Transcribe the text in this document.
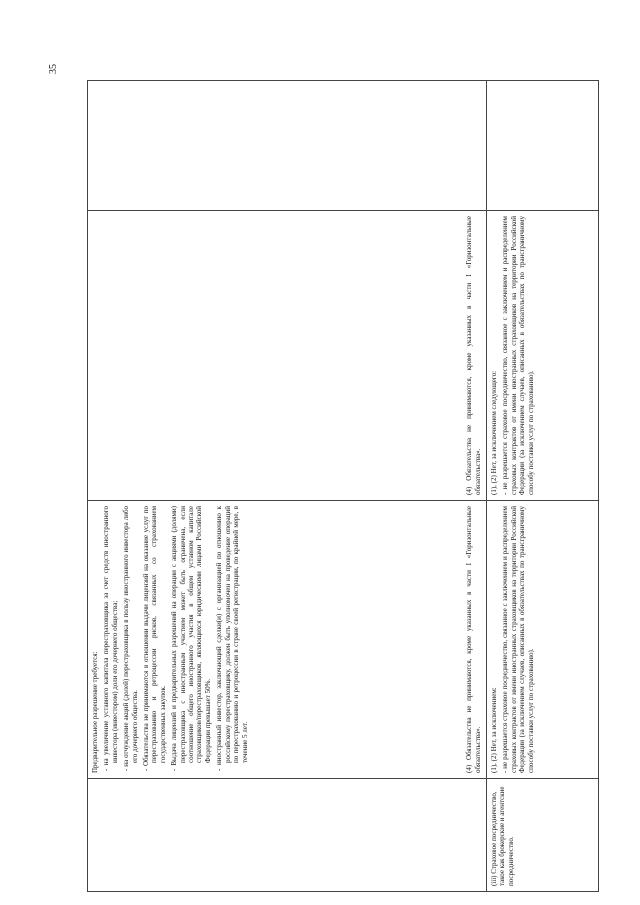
35
Предварительное разрешение требуется: - на увеличение уставного капитала перестраховщика за счет средств иностранного инвестора (инвестором) доли его дочернего общества;
- на отчуждение акций (долей) перестраховщика в пользу иностранного инвестора либо его дочернего общества.
- Обязательства не принимаются в отношении выдачи лицензий на оказание услуг по перестрахованию и ретроцессии рисков, связанных со страхованием государственных закупок.
- Выдача лицензий и предварительных разрешений на операции с акциями (долями) перестраховщика с иностранным участием может быть ограничена, если соотношение общего иностранного участия в общем уставном капитале страховщиков/перестраховщиков, являющихся юридическими лицами Российской Федерации превышает 50%.
- иностранный инвестор, заключающий сделки(и) с организацией по отношению к российскому перестраховщику, должен быть уполномочен на проведение операций по перестрахованию и ретроцессии в стране своей регистрации, по крайней мере, в течение 5 лет.	(4) Обязательства не принимаются, кроме указанных в части I «Горизонтальные обязательства».
(4) Обязательства не принимаются, кроме указанных в части I «Горизонтальные обязательства».
(iii) Страховое посредничество, такое как брокерские и агентские посредничество.
(1), (2) Нет, за исключением: - не разрешается страховое посредничество, связанное с заключением и распределением страховых контрактов от имени иностранных страховщиков на территории Российской Федерации (за исключением случаев, описанных в обязательствах по трансграничному способу поставки услуг по страхованию).
(1), (2) Нет, за исключением следующего: - не разрешается страховое посредничество, связанное с заключением и распределением страховых контрактов от имени иностранных страховщиков на территории Российской Федерации (за исключением случаев, описанных в обязательствах по трансграничному способу поставки услуг по страхованию).
